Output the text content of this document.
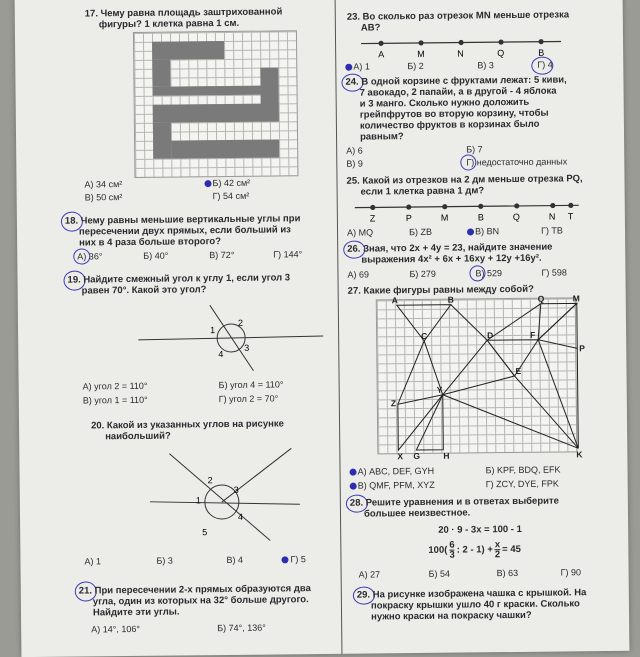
17. Чему равна площадь заштрихованной
фигуры? 1 клетка равна 1 см.
А) 34 см²	Б) 42 см²
В) 50 см²	Г) 54 см²
18. Чему равны меньшие вертикальные углы при
пересечении двух прямых, если больший из
них в 4 раза больше второго?
А) 36°	Б) 40°	В) 72°	Г) 144°
19. Найдите смежный угол к углу 1, если угол 3
равен 70°. Какой это угол?
1
2
3
4
А) угол 2 = 110°	Б) угол 4 = 110°
В) угол 1 = 110°	Г) угол 2 = 70°
20. Какой из указанных углов на рисунке
наибольший?
1
2
3
4
5
А) 1	Б) 3	В) 4	Г) 5
21. При пересечении 2-х прямых образуются два
угла, один из которых на 32° больше другого.
Найдите эти углы.
А) 14°, 106°	Б) 74°, 136°
23. Во сколько раз отрезок MN меньше отрезка
AB?
A	M	N	Q	B
А) 1	Б) 2	В) 3	Г) 4
24. В одной корзине с фруктами лежат: 5 киви,
7 авокадо, 2 папайи, а в другой - 4 яблока
и 3 манго. Сколько нужно доложить
грейпфрутов во вторую корзину, чтобы
количество фруктов в корзинах было
равным?
А) 6	Б) 7
В) 9	Г) недостаточно данных
25. Какой из отрезков на 2 дм меньше отрезка PQ,
если 1 клетка равна 1 дм?
Z	P	M	B	Q	N T
А) MQ	Б) ZB	В) BN	Г) TB
26. Зная, что 2x + 4y = 23, найдите значение
выражения 4x² + 6x + 16xy + 12y +16y².
А) 69	Б) 279	В) 529	Г) 598
27. Какие фигуры равны между собой?
A	B	Q	M
C	D	F
P
E
Y
Z
X G	H	K
А) ABC, DEF, GYH	Б) KPF, BDQ, EFK
В) QMF, PFM, XYZ	Г) ZCY, DYE, FPK
28. Решите уравнения и в ответах выберите
большее неизвестное.
20 · 9 - 3x = 100 - 1
$100( \frac{6}{3}$ : $2 - 1) + \frac{x}{2} = 45$
А) 27	Б) 54	В) 63	Г) 90
29. На рисунке изображена чашка с крышкой. На
покраску крышки ушло 40 г краски. Сколько
нужно краски на покраску чашки?
